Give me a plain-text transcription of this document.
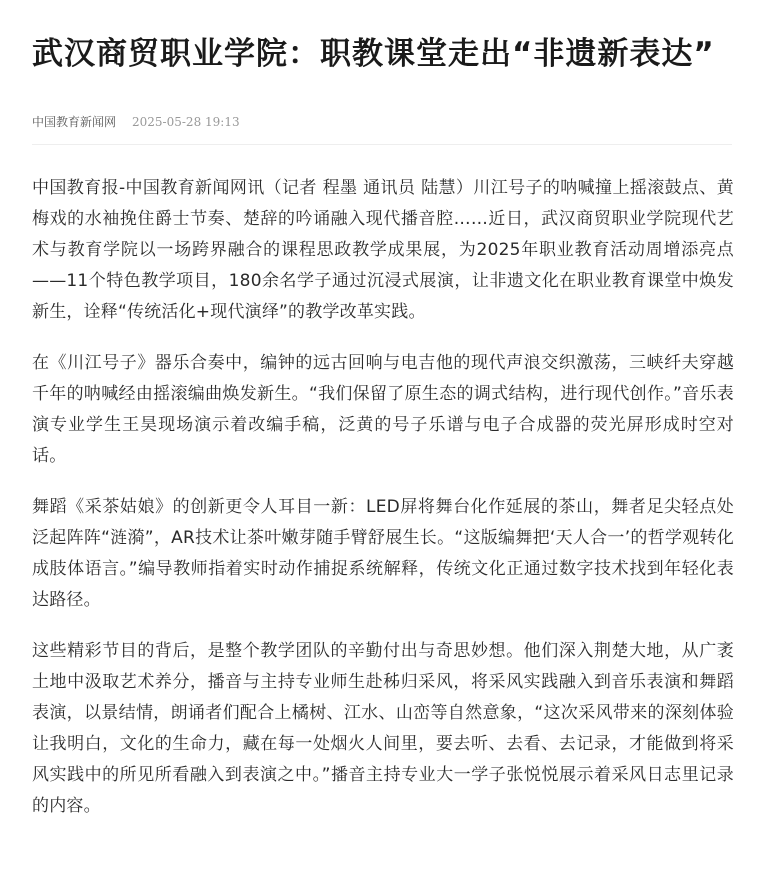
武汉商贸职业学院：职教课堂走出“非遗新表达”
中国教育新闻网 2025-05-28 19:13

中国教育报-中国教育新闻网讯（记者 程墨 通讯员 陆慧）川江号子的呐喊撞上摇滚鼓点、黄梅戏的水袖挽住爵士节奏、楚辞的吟诵融入现代播音腔……近日，武汉商贸职业学院现代艺术与教育学院以一场跨界融合的课程思政教学成果展，为2025年职业教育活动周增添亮点——11个特色教学项目，180余名学子通过沉浸式展演，让非遗文化在职业教育课堂中焕发新生，诠释“传统活化+现代演绎”的教学改革实践。

在《川江号子》器乐合奏中，编钟的远古回响与电吉他的现代声浪交织激荡，三峡纤夫穿越千年的呐喊经由摇滚编曲焕发新生。“我们保留了原生态的调式结构，进行现代创作。”音乐表演专业学生王昊现场演示着改编手稿，泛黄的号子乐谱与电子合成器的荧光屏形成时空对话。

舞蹈《采茶姑娘》的创新更令人耳目一新：LED屏将舞台化作延展的茶山，舞者足尖轻点处泛起阵阵“涟漪”，AR技术让茶叶嫩芽随手臂舒展生长。“这版编舞把‘天人合一’的哲学观转化成肢体语言。”编导教师指着实时动作捕捉系统解释，传统文化正通过数字技术找到年轻化表达路径。

这些精彩节目的背后，是整个教学团队的辛勤付出与奇思妙想。他们深入荆楚大地，从广袤土地中汲取艺术养分，播音与主持专业师生赴秭归采风，将采风实践融入到音乐表演和舞蹈表演，以景结情，朗诵者们配合上橘树、江水、山峦等自然意象，“这次采风带来的深刻体验让我明白，文化的生命力，藏在每一处烟火人间里，要去听、去看、去记录，才能做到将采风实践中的所见所看融入到表演之中。”播音主持专业大一学子张悦悦展示着采风日志里记录的内容。
